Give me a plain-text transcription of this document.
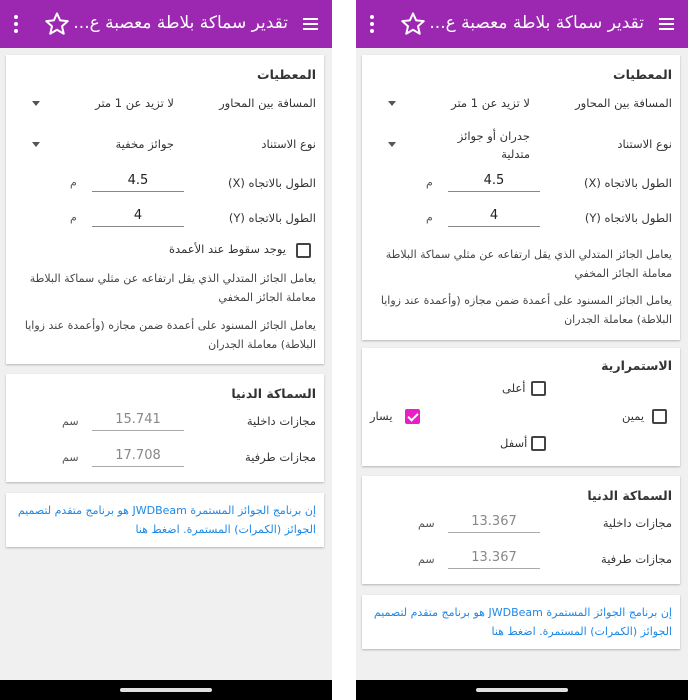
تقدير سماكة بلاطة معصبة ع...
المعطيات
المسافة بين المحاور
لا تزيد عن 1 متر
نوع الاستناد
جوائز مخفية
الطول بالاتجاه (X)
4.5
م
الطول بالاتجاه (Y)
4
م
يوجد سقوط عند الأعمدة
يعامل الجائز المتدلي الذي يقل ارتفاعه عن مثلي سماكة البلاطة معاملة الجائز المخفي
يعامل الجائز المسنود على أعمدة ضمن مجازه (وأعمدة عند زوايا البلاطة) معاملة الجدران
السماكة الدنيا
مجازات داخلية
15.741
سم
مجازات طرفية
17.708
سم
إن برنامج الجوائز المستمرة JWDBeam هو برنامج متقدم لتصميم الجوائز (الكمرات) المستمرة. اضغط هنا
تقدير سماكة بلاطة معصبة ع...
المعطيات
المسافة بين المحاور
لا تزيد عن 1 متر
نوع الاستناد
جدران أو جوائز متدلية
الطول بالاتجاه (X)
4.5
م
الطول بالاتجاه (Y)
4
م
يعامل الجائز المتدلي الذي يقل ارتفاعه عن مثلي سماكة البلاطة معاملة الجائز المخفي
يعامل الجائز المسنود على أعمدة ضمن مجازه (وأعمدة عند زوايا البلاطة) معاملة الجدران
الاستمرارية
أعلى
يسار	يمين
أسفل
السماكة الدنيا
مجازات داخلية
13.367
سم
مجازات طرفية
13.367
سم
إن برنامج الجوائز المستمرة JWDBeam هو برنامج متقدم لتصميم الجوائز (الكمرات) المستمرة. اضغط هنا
